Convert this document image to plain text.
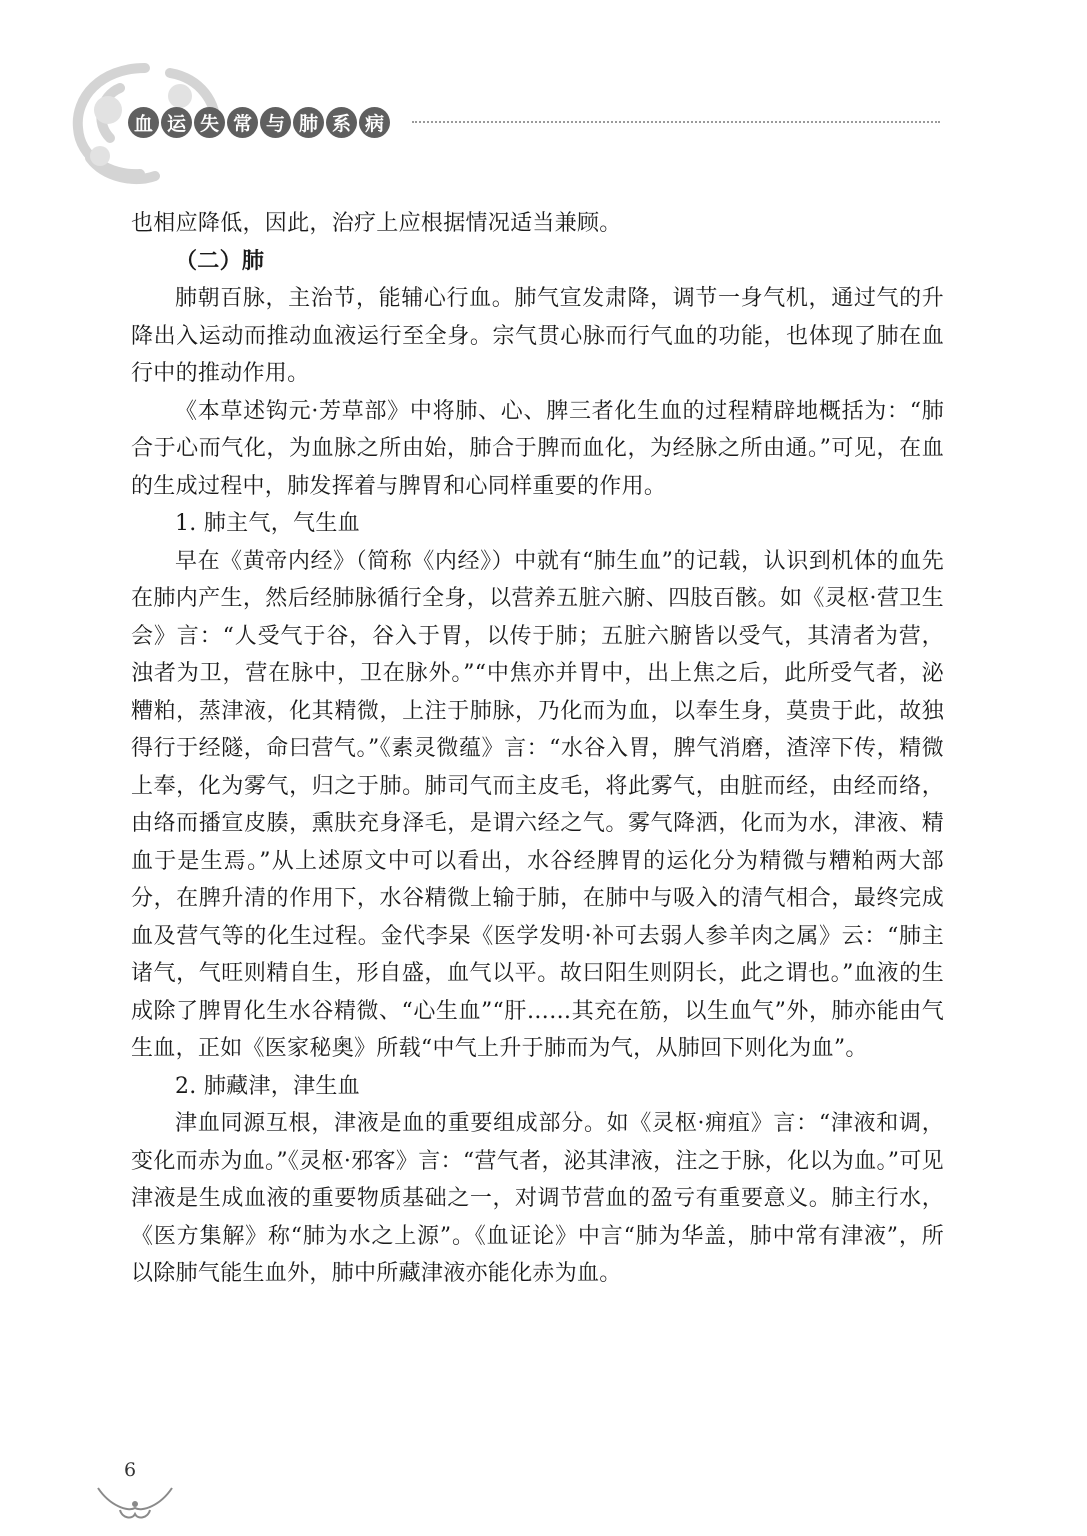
血 运 失 常 与 肺 系 病

也相应降低，因此，治疗上应根据情况适当兼顾。

（二）肺

肺朝百脉，主治节，能辅心行血。肺气宣发肃降，调节一身气机，通过气的升降出入运动而推动血液运行至全身。宗气贯心脉而行气血的功能，也体现了肺在血行中的推动作用。

《本草述钩元·芳草部》中将肺、心、脾三者化生血的过程精辟地概括为：“肺合于心而气化，为血脉之所由始，肺合于脾而血化，为经脉之所由通。”可见，在血的生成过程中，肺发挥着与脾胃和心同样重要的作用。

1. 肺主气，气生血

早在《黄帝内经》（简称《内经》）中就有“肺生血”的记载，认识到机体的血先在肺内产生，然后经肺脉循行全身，以营养五脏六腑、四肢百骸。如《灵枢·营卫生会》言：“人受气于谷，谷入于胃，以传于肺；五脏六腑皆以受气，其清者为营，浊者为卫，营在脉中，卫在脉外。”“中焦亦并胃中，出上焦之后，此所受气者，泌糟粕，蒸津液，化其精微，上注于肺脉，乃化而为血，以奉生身，莫贵于此，故独得行于经隧，命曰营气。”《素灵微蕴》言：“水谷入胃，脾气消磨，渣滓下传，精微上奉，化为雾气，归之于肺。肺司气而主皮毛，将此雾气，由脏而经，由经而络，由络而播宣皮腠，熏肤充身泽毛，是谓六经之气。雾气降洒，化而为水，津液、精血于是生焉。”从上述原文中可以看出，水谷经脾胃的运化分为精微与糟粕两大部分，在脾升清的作用下，水谷精微上输于肺，在肺中与吸入的清气相合，最终完成血及营气等的化生过程。金代李杲《医学发明·补可去弱人参羊肉之属》云：“肺主诸气，气旺则精自生，形自盛，血气以平。故曰阳生则阴长，此之谓也。”血液的生成除了脾胃化生水谷精微、“心生血”“肝……其充在筋，以生血气”外，肺亦能由气生血，正如《医家秘奥》所载“中气上升于肺而为气，从肺回下则化为血”。

2. 肺藏津，津生血

津血同源互根，津液是血的重要组成部分。如《灵枢·痈疽》言：“津液和调，变化而赤为血。”《灵枢·邪客》言：“营气者，泌其津液，注之于脉，化以为血。”可见津液是生成血液的重要物质基础之一，对调节营血的盈亏有重要意义。肺主行水，《医方集解》称“肺为水之上源”。《血证论》中言“肺为华盖，肺中常有津液”，所以除肺气能生血外，肺中所藏津液亦能化赤为血。

6
